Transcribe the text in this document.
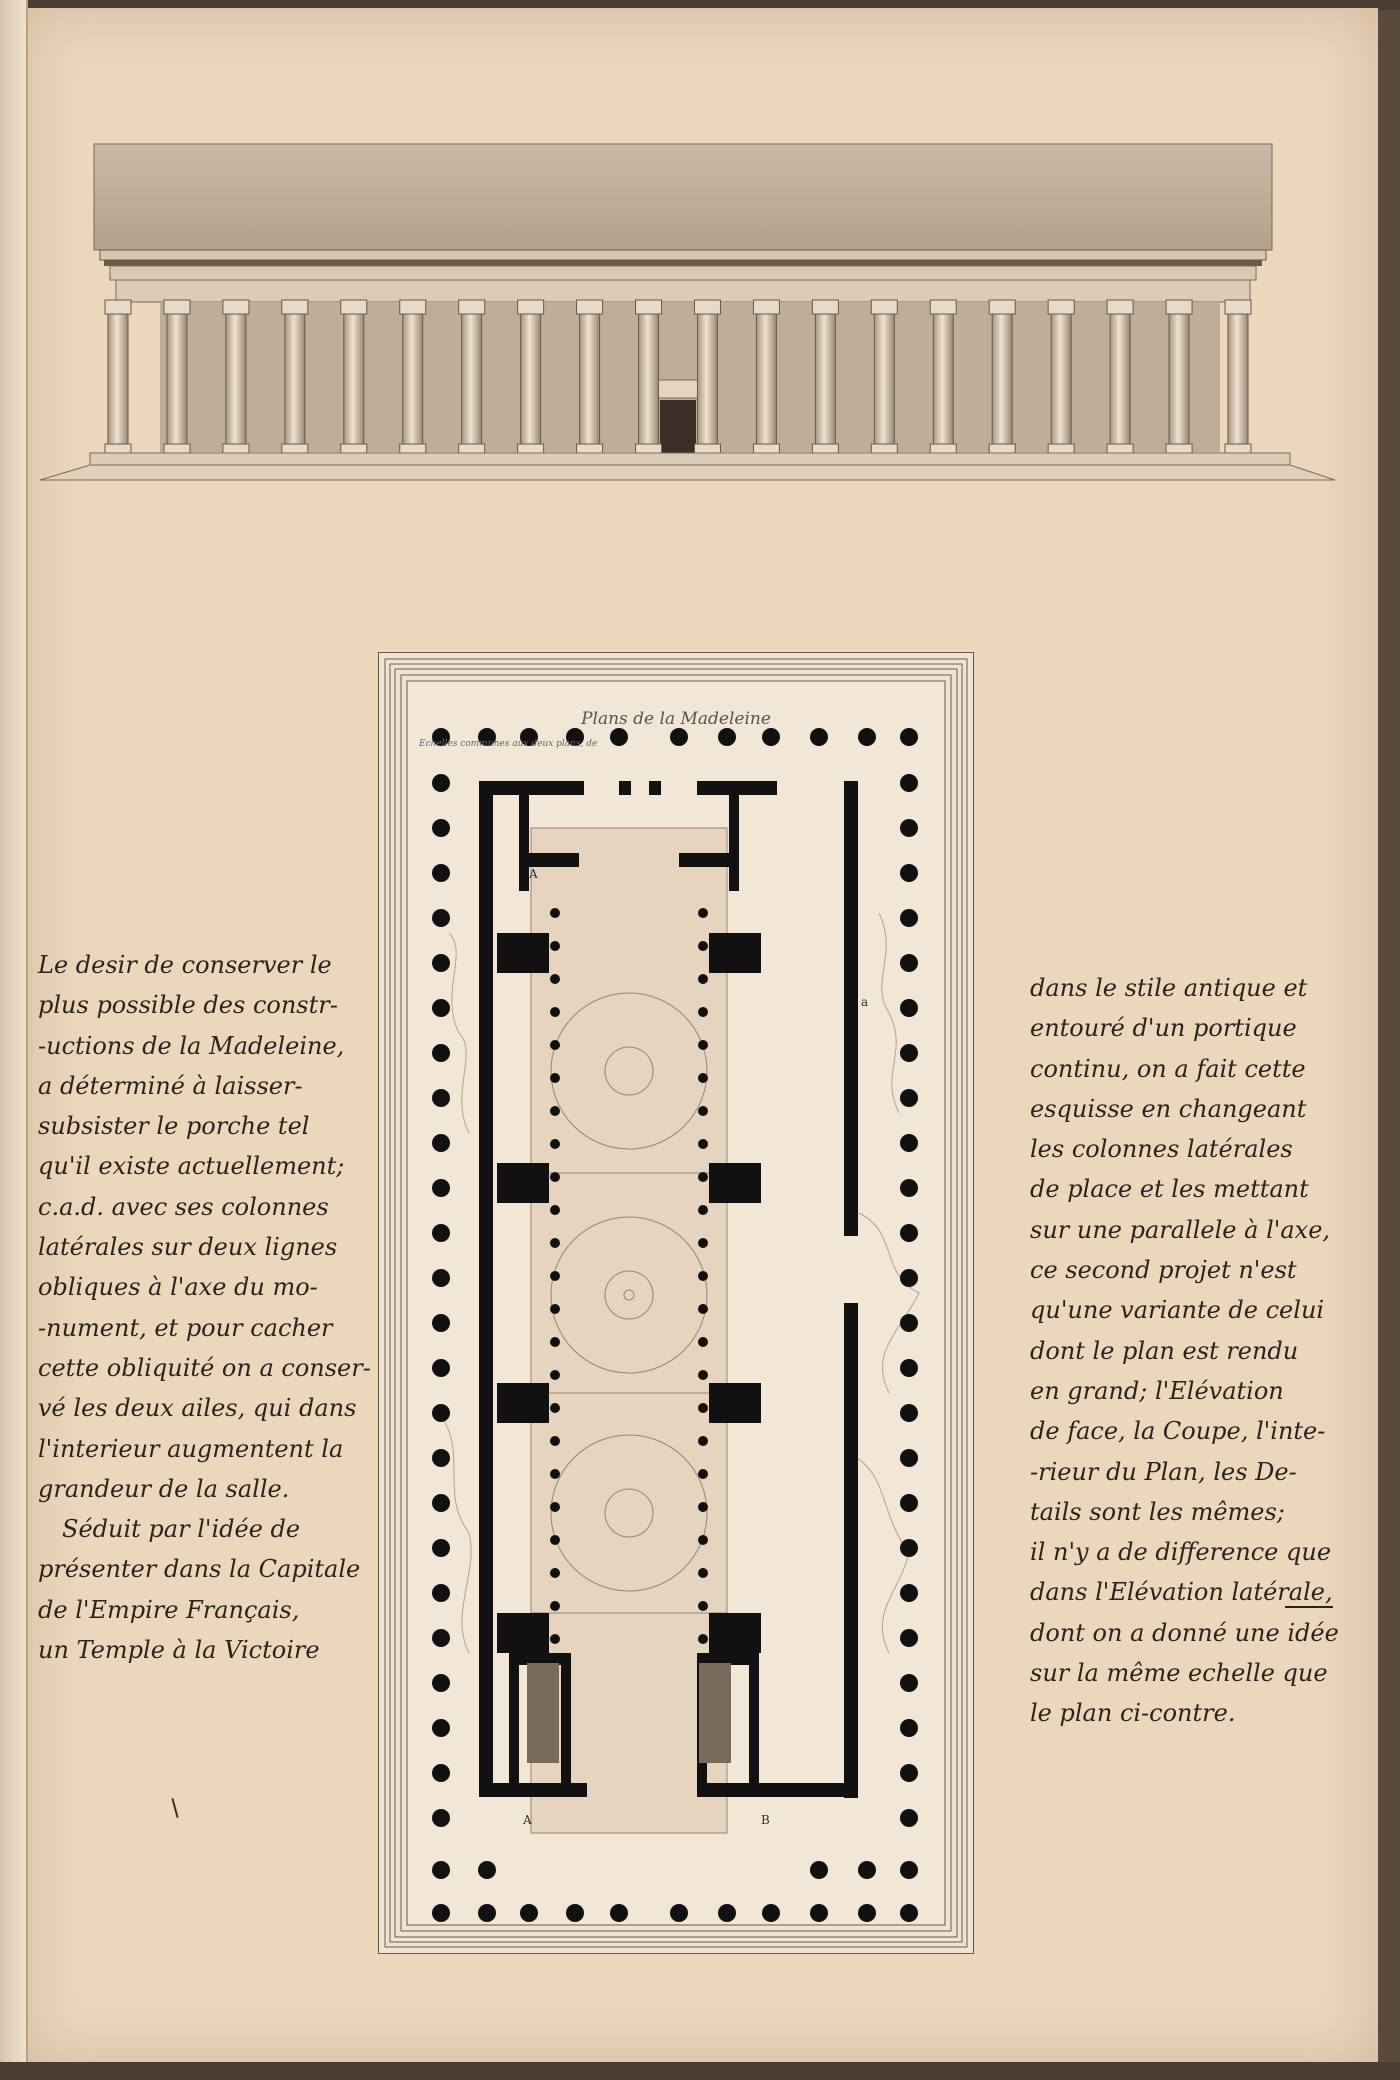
Plans de la Madeleine
Echelles communes aux deux plans, de
A
a
A	B
Le desir de conserver le
plus possible des constr-
-uctions de la Madeleine,
a déterminé à laisser-
subsister le porche tel
qu'il existe actuellement;
c.a.d. avec ses colonnes
latérales sur deux lignes
obliques à l'axe du mo-
-nument, et pour cacher
cette obliquité on a conser-
vé les deux ailes, qui dans
l'interieur augmentent la
grandeur de la salle.
Séduit par l'idée de
présenter dans la Capitale
de l'Empire Français,
un Temple à la Victoire
dans le stile antique et
entouré d'un portique
continu, on a fait cette
esquisse en changeant
les colonnes latérales
de place et les mettant
sur une parallele à l'axe,
ce second projet n'est
qu'une variante de celui
dont le plan est rendu
en grand; l'Elévation
de face, la Coupe, l'inte-
-rieur du Plan, les De-
tails sont les mêmes;
il n'y a de difference que
dans l'Elévation latérale,
dont on a donné une idée
sur la même echelle que
le plan ci-contre.
